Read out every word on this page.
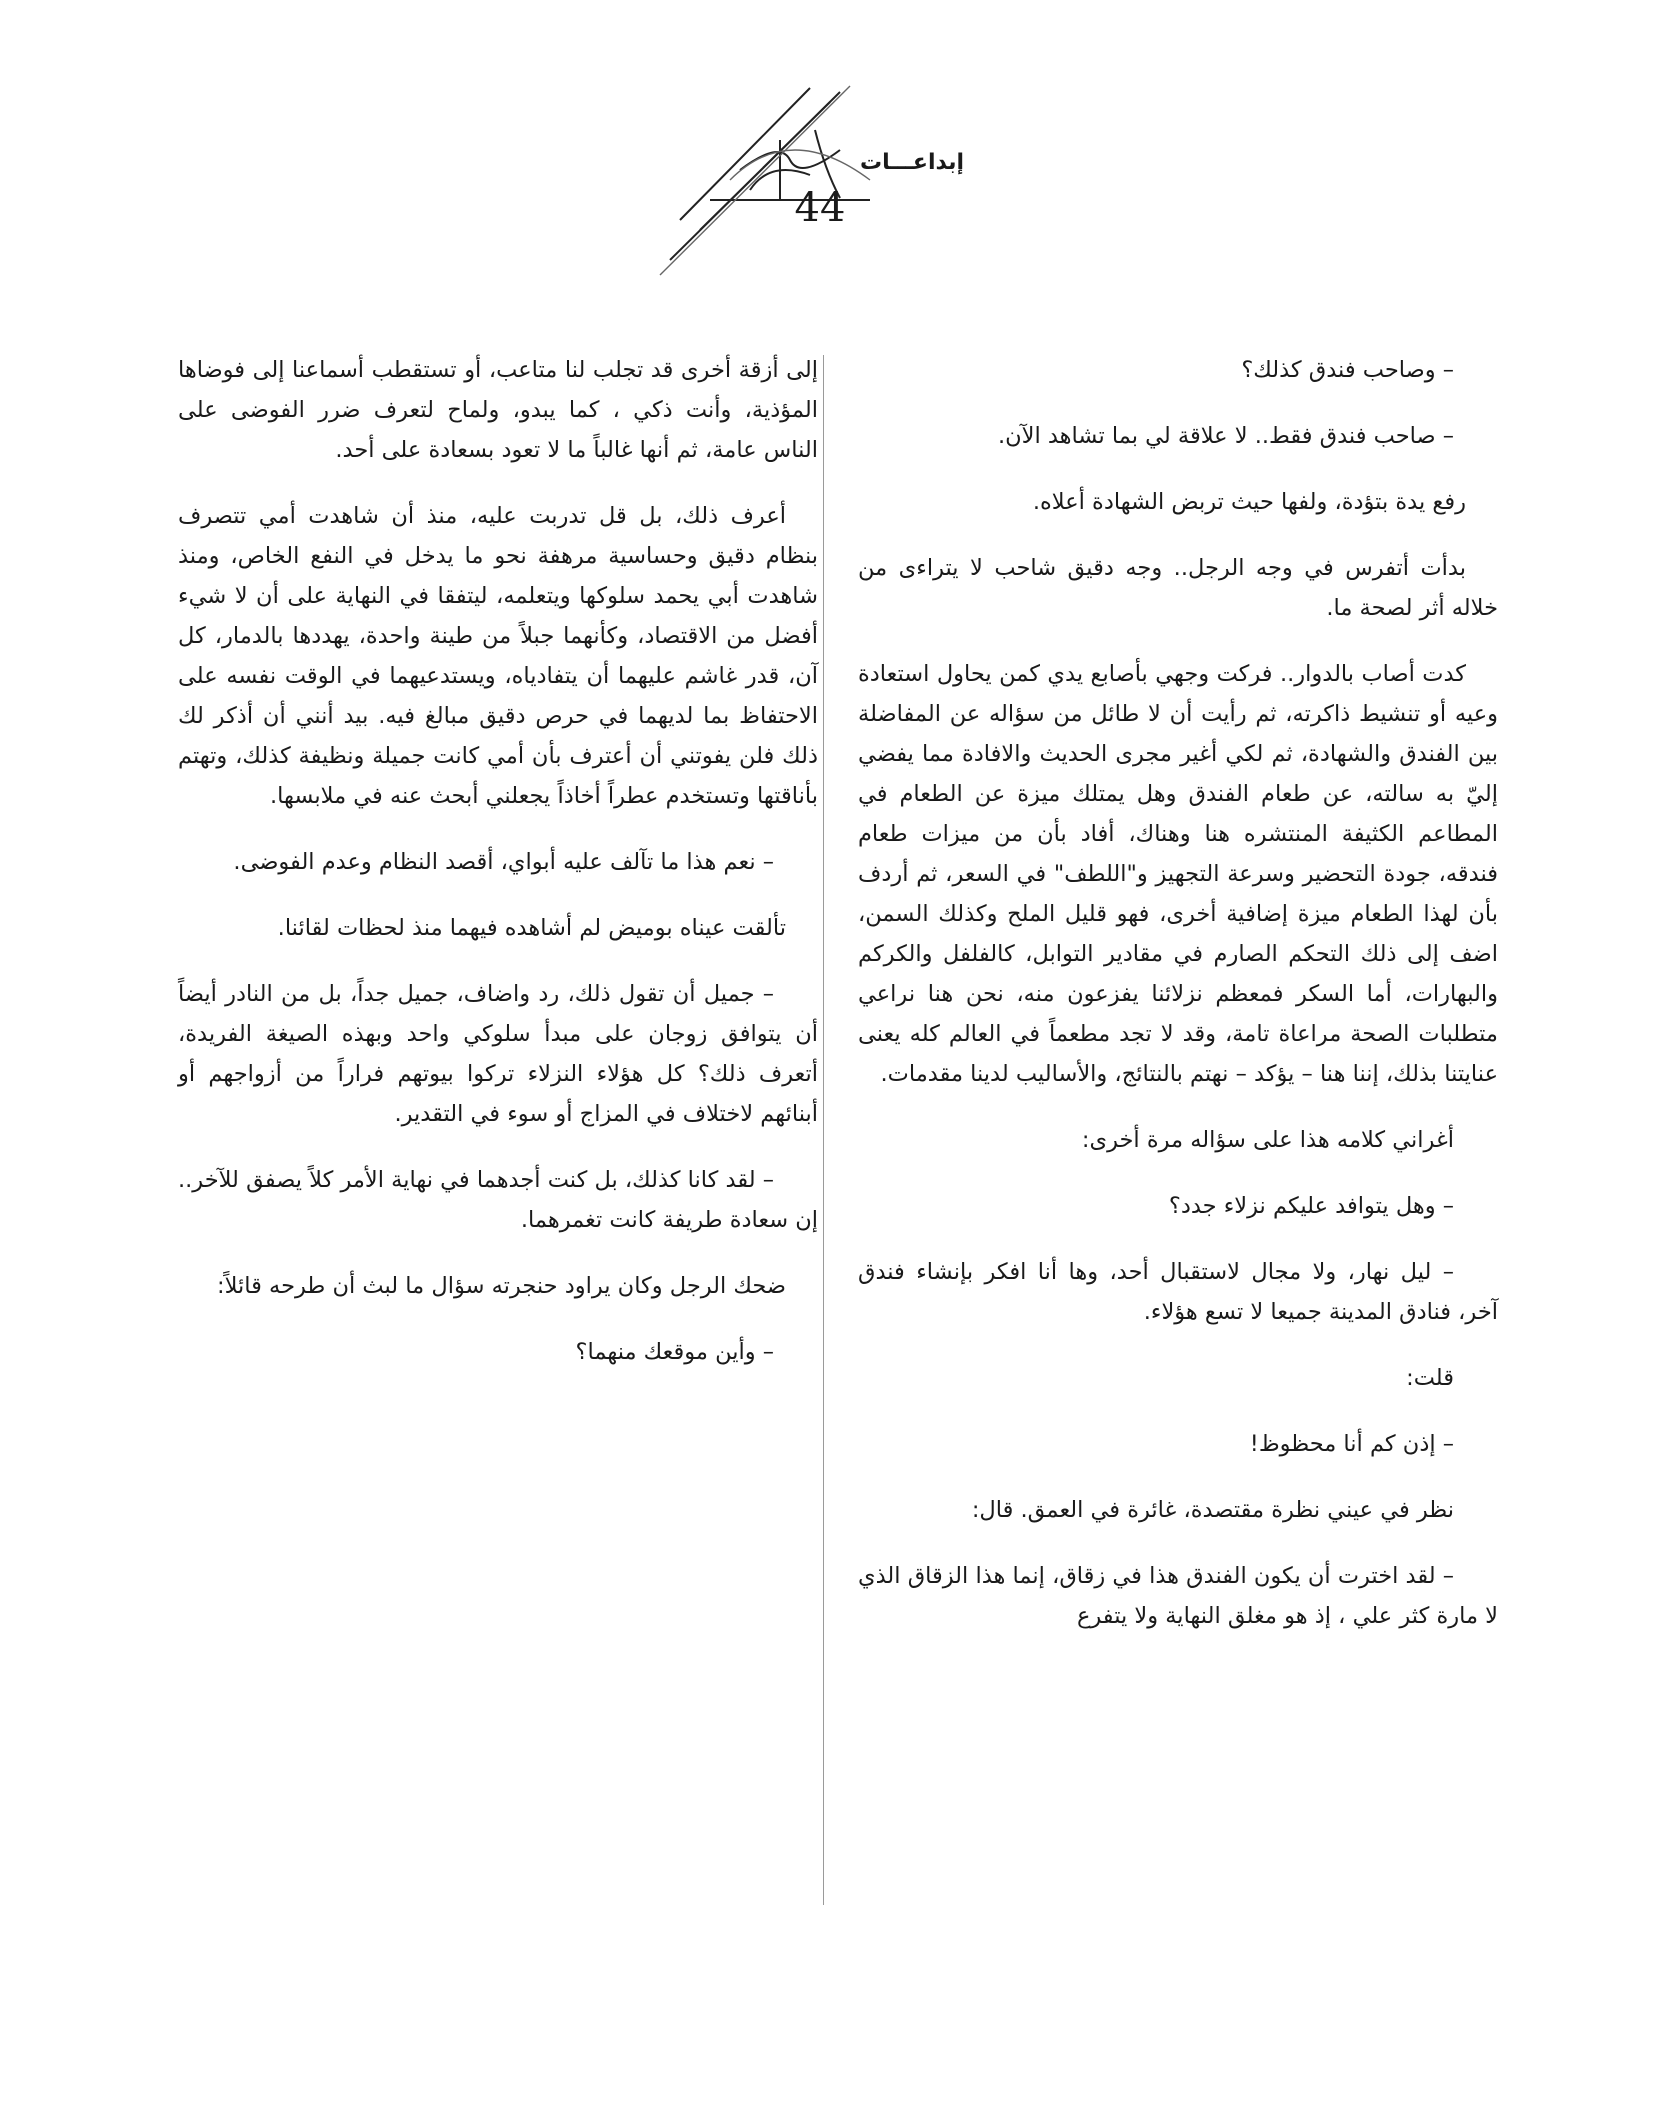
إبداعـــات
44

– وصاحب فندق كذلك؟

– صاحب فندق فقط.. لا علاقة لي بما تشاهد الآن.

رفع يدة بتؤدة، ولفها حيث تربض الشهادة أعلاه.

بدأت أتفرس في وجه الرجل.. وجه دقيق شاحب لا يتراءى من خلاله أثر لصحة ما.

كدت أصاب بالدوار.. فركت وجهي بأصابع يدي كمن يحاول استعادة وعيه أو تنشيط ذاكرته، ثم رأيت أن لا طائل من سؤاله عن المفاضلة بين الفندق والشهادة، ثم لكي أغير مجرى الحديث والافادة مما يفضي إليّ به سالته، عن طعام الفندق وهل يمتلك ميزة عن الطعام في المطاعم الكثيفة المنتشره هنا وهناك، أفاد بأن من ميزات طعام فندقه، جودة التحضير وسرعة التجهيز و"اللطف" في السعر، ثم أردف بأن لهذا الطعام ميزة إضافية أخرى، فهو قليل الملح وكذلك السمن، اضف إلى ذلك التحكم الصارم في مقادير التوابل، كالفلفل والكركم والبهارات، أما السكر فمعظم نزلائنا يفزعون منه، نحن هنا نراعي متطلبات الصحة مراعاة تامة، وقد لا تجد مطعماً في العالم كله يعنى عنايتنا بذلك، إننا هنا – يؤكد – نهتم بالنتائج، والأساليب لدينا مقدمات.

أغراني كلامه هذا على سؤاله مرة أخرى:

– وهل يتوافد عليكم نزلاء جدد؟

– ليل نهار، ولا مجال لاستقبال أحد، وها أنا افكر بإنشاء فندق آخر، فنادق المدينة جميعا لا تسع هؤلاء.

قلت:

– إذن كم أنا محظوظ!

نظر في عيني نظرة مقتصدة، غائرة في العمق. قال:

– لقد اخترت أن يكون الفندق هذا في زقاق، إنما هذا الزقاق الذي لا مارة كثر علي ، إذ هو مغلق النهاية ولا يتفرع

إلى أزقة أخرى قد تجلب لنا متاعب، أو تستقطب أسماعنا إلى فوضاها المؤذية، وأنت ذكي ، كما يبدو، ولماح لتعرف ضرر الفوضى على الناس عامة، ثم أنها غالباً ما لا تعود بسعادة على أحد.

أعرف ذلك، بل قل تدربت عليه، منذ أن شاهدت أمي تتصرف بنظام دقيق وحساسية مرهفة نحو ما يدخل في النفع الخاص، ومنذ شاهدت أبي يحمد سلوكها ويتعلمه، ليتفقا في النهاية على أن لا شيء أفضل من الاقتصاد، وكأنهما جبلاً من طينة واحدة، يهددها بالدمار، كل آن، قدر غاشم عليهما أن يتفادياه، ويستدعيهما في الوقت نفسه على الاحتفاظ بما لديهما في حرص دقيق مبالغ فيه. بيد أنني أن أذكر لك ذلك فلن يفوتني أن أعترف بأن أمي كانت جميلة ونظيفة كذلك، وتهتم بأناقتها وتستخدم عطراً أخاذاً يجعلني أبحث عنه في ملابسها.

– نعم هذا ما تآلف عليه أبواي، أقصد النظام وعدم الفوضى.

تألقت عيناه بوميض لم أشاهده فيهما منذ لحظات لقائنا.

– جميل أن تقول ذلك، رد واضاف، جميل جداً، بل من النادر أيضاً أن يتوافق زوجان على مبدأ سلوكي واحد وبهذه الصيغة الفريدة، أتعرف ذلك؟ كل هؤلاء النزلاء تركوا بيوتهم فراراً من أزواجهم أو أبنائهم لاختلاف في المزاج أو سوء في التقدير.

– لقد كانا كذلك، بل كنت أجدهما في نهاية الأمر كلاً يصفق للآخر.. إن سعادة طريفة كانت تغمرهما.

ضحك الرجل وكان يراود حنجرته سؤال ما لبث أن طرحه قائلاً:

– وأين موقعك منهما؟
